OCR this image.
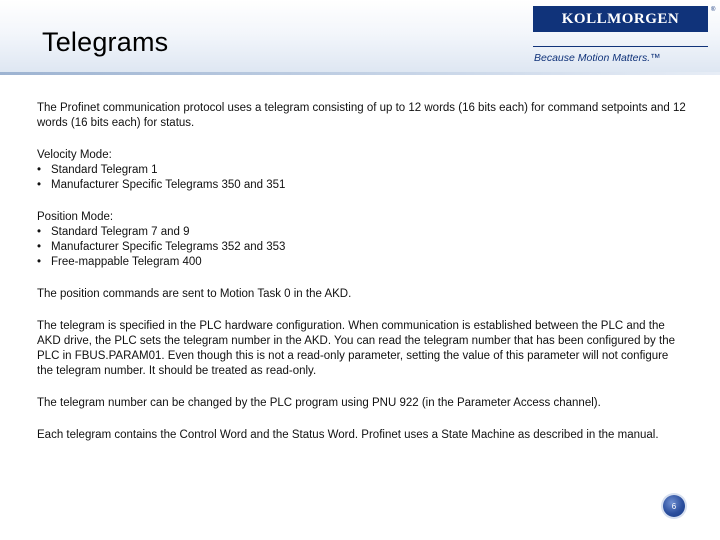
Telegrams
KOLLMORGEN
®
Because Motion Matters.™

The Profinet communication protocol uses a telegram consisting of up to 12 words (16 bits each) for command setpoints and 12 words (16 bits each) for status.

Velocity Mode:

• Standard Telegram 1
• Manufacturer Specific Telegrams 350 and 351

Position Mode:

• Standard Telegram 7 and 9
• Manufacturer Specific Telegrams 352 and 353
• Free-mappable Telegram 400

The position commands are sent to Motion Task 0 in the AKD.

The telegram is specified in the PLC hardware configuration. When communication is established between the PLC and the AKD drive, the PLC sets the telegram number in the AKD. You can read the telegram number that has been configured by the PLC in FBUS.PARAM01. Even though this is not a read-only parameter, setting the value of this parameter will not configure the telegram number. It should be treated as read-only.

The telegram number can be changed by the PLC program using PNU 922 (in the Parameter Access channel).

Each telegram contains the Control Word and the Status Word. Profinet uses a State Machine as described in the manual.

6
